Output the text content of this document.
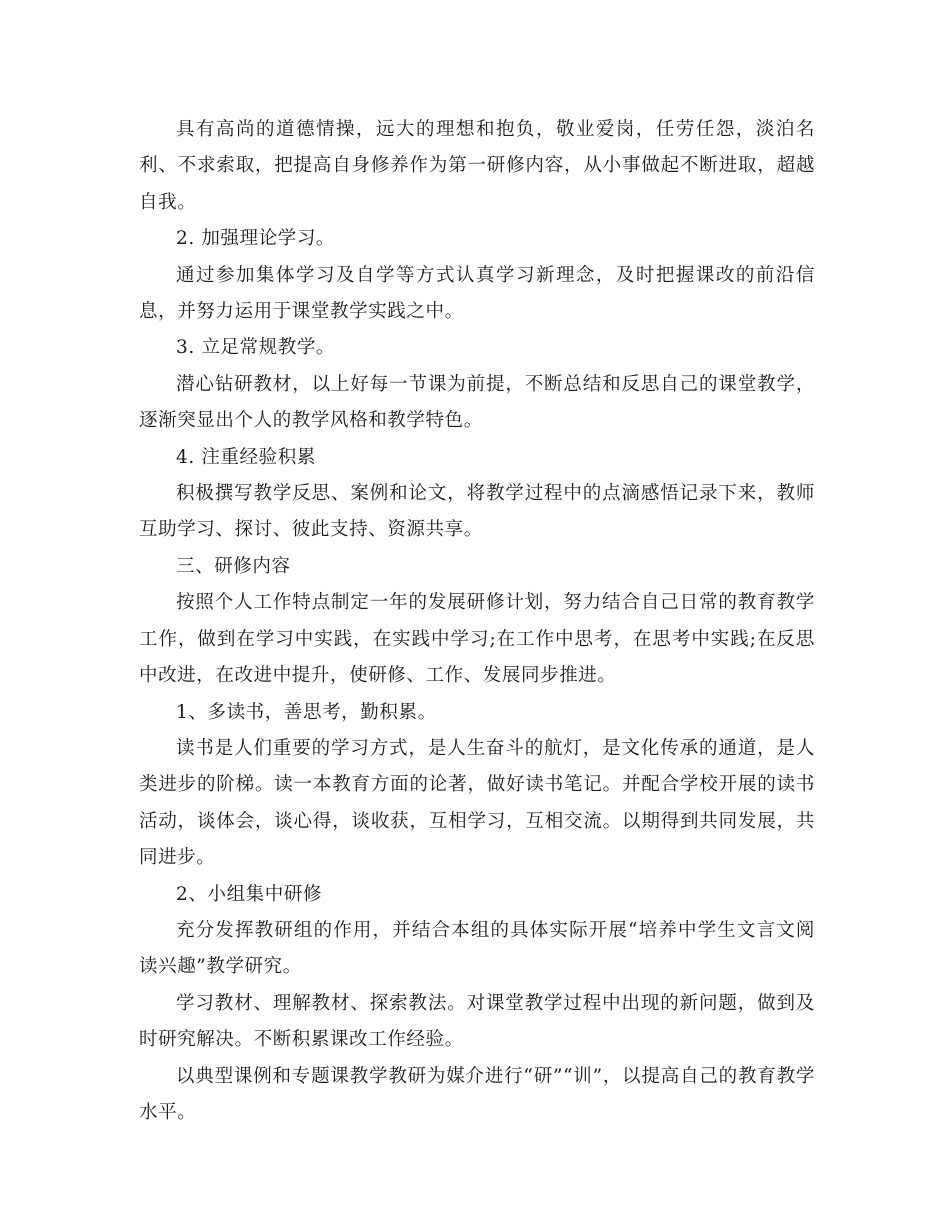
具有高尚的道德情操，远大的理想和抱负，敬业爱岗，任劳任怨，淡泊名利、不求索取，把提高自身修养作为第一研修内容，从小事做起不断进取，超越自我。

2. 加强理论学习。

通过参加集体学习及自学等方式认真学习新理念，及时把握课改的前沿信息，并努力运用于课堂教学实践之中。

3. 立足常规教学。

潜心钻研教材，以上好每一节课为前提，不断总结和反思自己的课堂教学，逐渐突显出个人的教学风格和教学特色。

4. 注重经验积累

积极撰写教学反思、案例和论文，将教学过程中的点滴感悟记录下来，教师互助学习、探讨、彼此支持、资源共享。

三、研修内容

按照个人工作特点制定一年的发展研修计划，努力结合自己日常的教育教学工作，做到在学习中实践，在实践中学习;在工作中思考，在思考中实践;在反思中改进，在改进中提升，使研修、工作、发展同步推进。

1、多读书，善思考，勤积累。

读书是人们重要的学习方式，是人生奋斗的航灯，是文化传承的通道，是人类进步的阶梯。读一本教育方面的论著，做好读书笔记。并配合学校开展的读书活动，谈体会，谈心得，谈收获，互相学习，互相交流。以期得到共同发展，共同进步。

2、小组集中研修

充分发挥教研组的作用，并结合本组的具体实际开展“培养中学生文言文阅读兴趣”教学研究。

学习教材、理解教材、探索教法。对课堂教学过程中出现的新问题，做到及时研究解决。不断积累课改工作经验。

以典型课例和专题课教学教研为媒介进行“研”“训”，以提高自己的教育教学水平。
